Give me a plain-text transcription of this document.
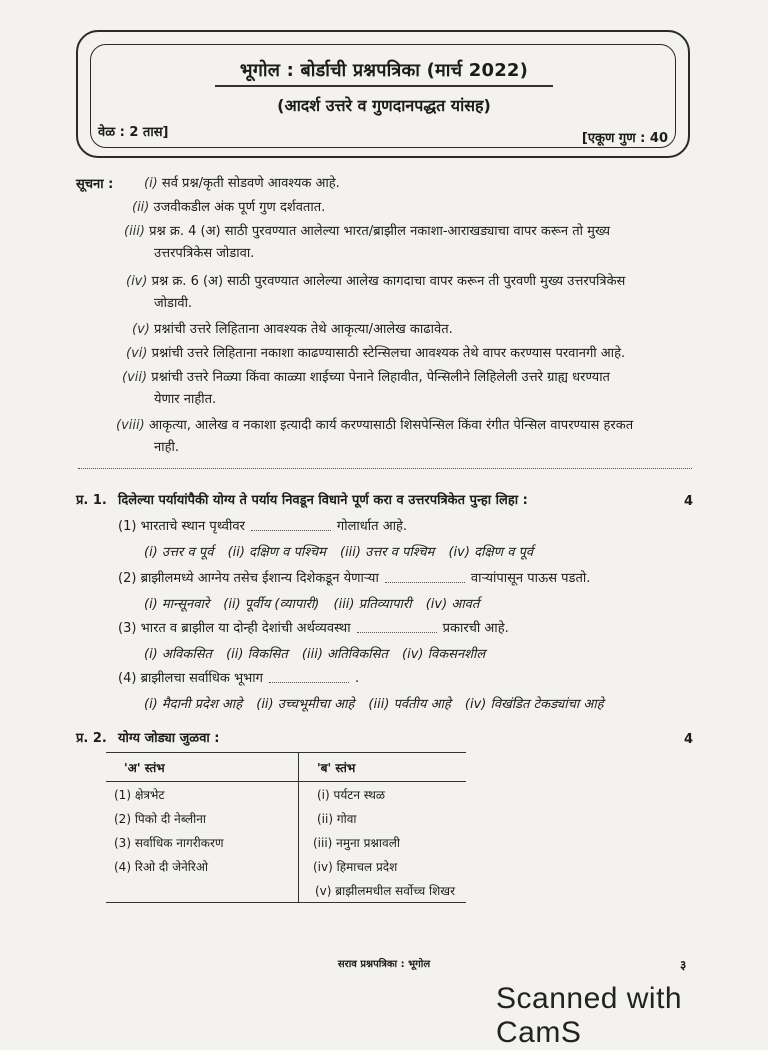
भूगोल : बोर्डाची प्रश्नपत्रिका (मार्च 2022)
(आदर्श उत्तरे व गुणदानपद्धत यांसह)
वेळ : 2 तास]	[एकूण गुण : 40
सूचना : (i) सर्व प्रश्न/कृती सोडवणे आवश्यक आहे.
(ii) उजवीकडील अंक पूर्ण गुण दर्शवतात.
(iii) प्रश्न क्र. 4 (अ) साठी पुरवण्यात आलेल्या भारत/ब्राझील नकाशा-आराखड्याचा वापर करून तो मुख्य
उत्तरपत्रिकेस जोडावा.
(iv) प्रश्न क्र. 6 (अ) साठी पुरवण्यात आलेल्या आलेख कागदाचा वापर करून ती पुरवणी मुख्य उत्तरपत्रिकेस
जोडावी.
(v) प्रश्नांची उत्तरे लिहिताना आवश्यक तेथे आकृत्या/आलेख काढावेत.
(vi) प्रश्नांची उत्तरे लिहिताना नकाशा काढण्यासाठी स्टेन्सिलचा आवश्यक तेथे वापर करण्यास परवानगी आहे.
(vii) प्रश्नांची उत्तरे निळ्या किंवा काळ्या शाईच्या पेनाने लिहावीत, पेन्सिलीने लिहिलेली उत्तरे ग्राह्य धरण्यात
येणार नाहीत.
(viii) आकृत्या, आलेख व नकाशा इत्यादी कार्य करण्यासाठी शिसपेन्सिल किंवा रंगीत पेन्सिल वापरण्यास हरकत
नाही.
प्र. 1. दिलेल्या पर्यायांपैकी योग्य ते पर्याय निवडून विधाने पूर्ण करा व उत्तरपत्रिकेत पुन्हा लिहा :	4
(1) भारताचे स्थान पृथ्वीवर	गोलार्धात आहे.
(i) उत्तर व पूर्व (ii) दक्षिण व पश्चिम (iii) उत्तर व पश्चिम (iv) दक्षिण व पूर्व
(2) ब्राझीलमध्ये आग्नेय तसेच ईशान्य दिशेकडून येणाऱ्या	वाऱ्यांपासून पाऊस पडतो.
(i) मान्सूनवारे (ii) पूर्वीय (व्यापारी) (iii) प्रतिव्यापारी (iv) आवर्त
(3) भारत व ब्राझील या दोन्ही देशांची अर्थव्यवस्था	प्रकारची आहे.
(i) अविकसित (ii) विकसित (iii) अतिविकसित (iv) विकसनशील
(4) ब्राझीलचा सर्वाधिक भूभाग	.
(i) मैदानी प्रदेश आहे (ii) उच्चभूमीचा आहे (iii) पर्वतीय आहे (iv) विखंडित टेकड्यांचा आहे
प्र. 2. योग्य जोड्या जुळवा :	4
'अ' स्तंभ	'ब' स्तंभ
(1) क्षेत्रभेट	(i) पर्यटन स्थळ
(2) पिको दी नेब्लीना	(ii) गोवा
(3) सर्वाधिक नागरीकरण	(iii) नमुना प्रश्नावली
(4) रिओ दी जेनेरिओ	(iv) हिमाचल प्रदेश
	(v) ब्राझीलमधील सर्वोच्च शिखर
सराव प्रश्नपत्रिका : भूगोल	३
Scanned with CamS
